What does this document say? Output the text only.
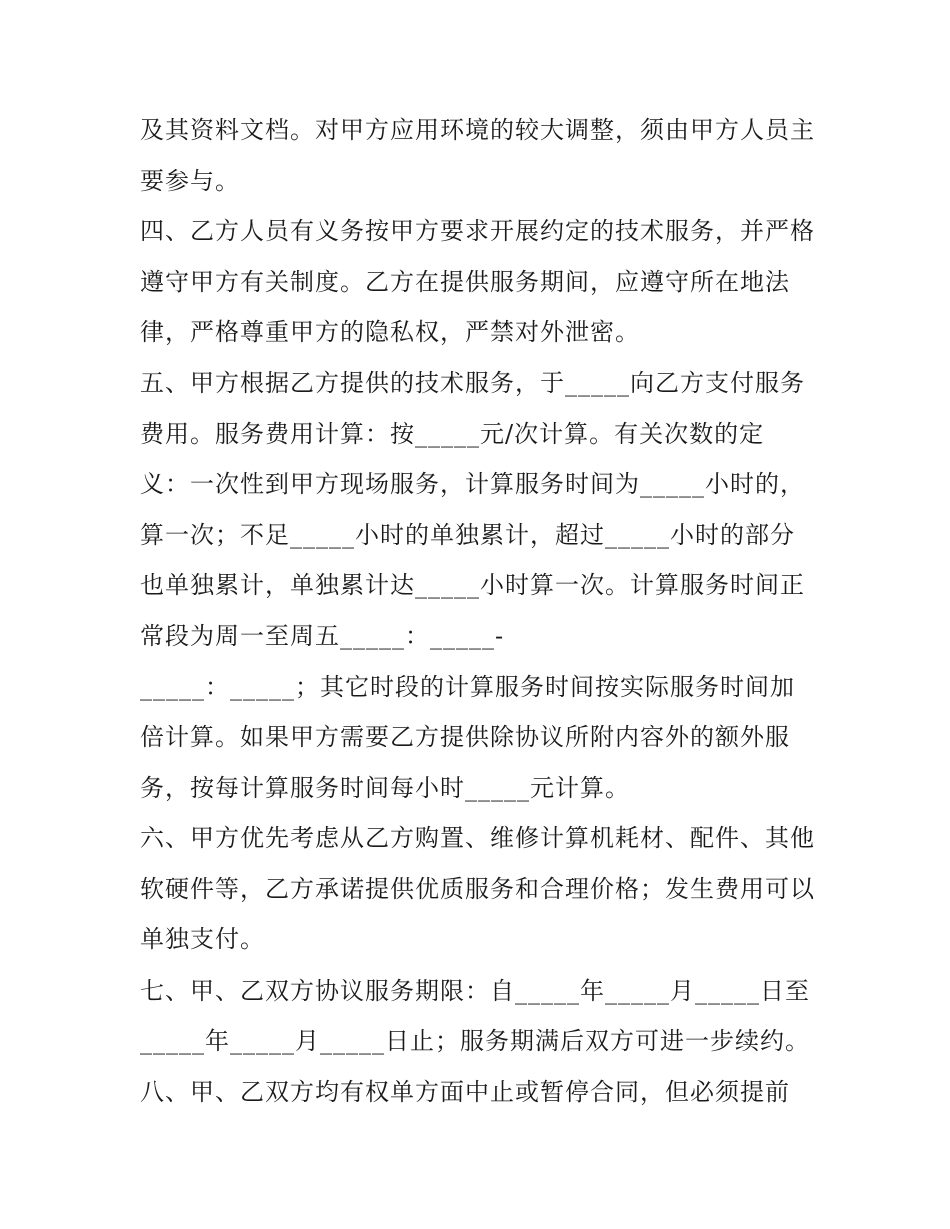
及其资料文档。对甲方应用环境的较大调整，须由甲方人员主
要参与。
四、乙方人员有义务按甲方要求开展约定的技术服务，并严格
遵守甲方有关制度。乙方在提供服务期间，应遵守所在地法
律，严格尊重甲方的隐私权，严禁对外泄密。
五、甲方根据乙方提供的技术服务，于_____向乙方支付服务
费用。服务费用计算：按_____元/次计算。有关次数的定
义：一次性到甲方现场服务，计算服务时间为_____小时的，
算一次；不足_____小时的单独累计，超过_____小时的部分
也单独累计，单独累计达_____小时算一次。计算服务时间正
常段为周一至周五_____：_____-
_____：_____；其它时段的计算服务时间按实际服务时间加
倍计算。如果甲方需要乙方提供除协议所附内容外的额外服
务，按每计算服务时间每小时_____元计算。
六、甲方优先考虑从乙方购置、维修计算机耗材、配件、其他
软硬件等，乙方承诺提供优质服务和合理价格；发生费用可以
单独支付。
七、甲、乙双方协议服务期限：自_____年_____月_____日至
_____年_____月_____日止；服务期满后双方可进一步续约。
八、甲、乙双方均有权单方面中止或暂停合同，但必须提前
